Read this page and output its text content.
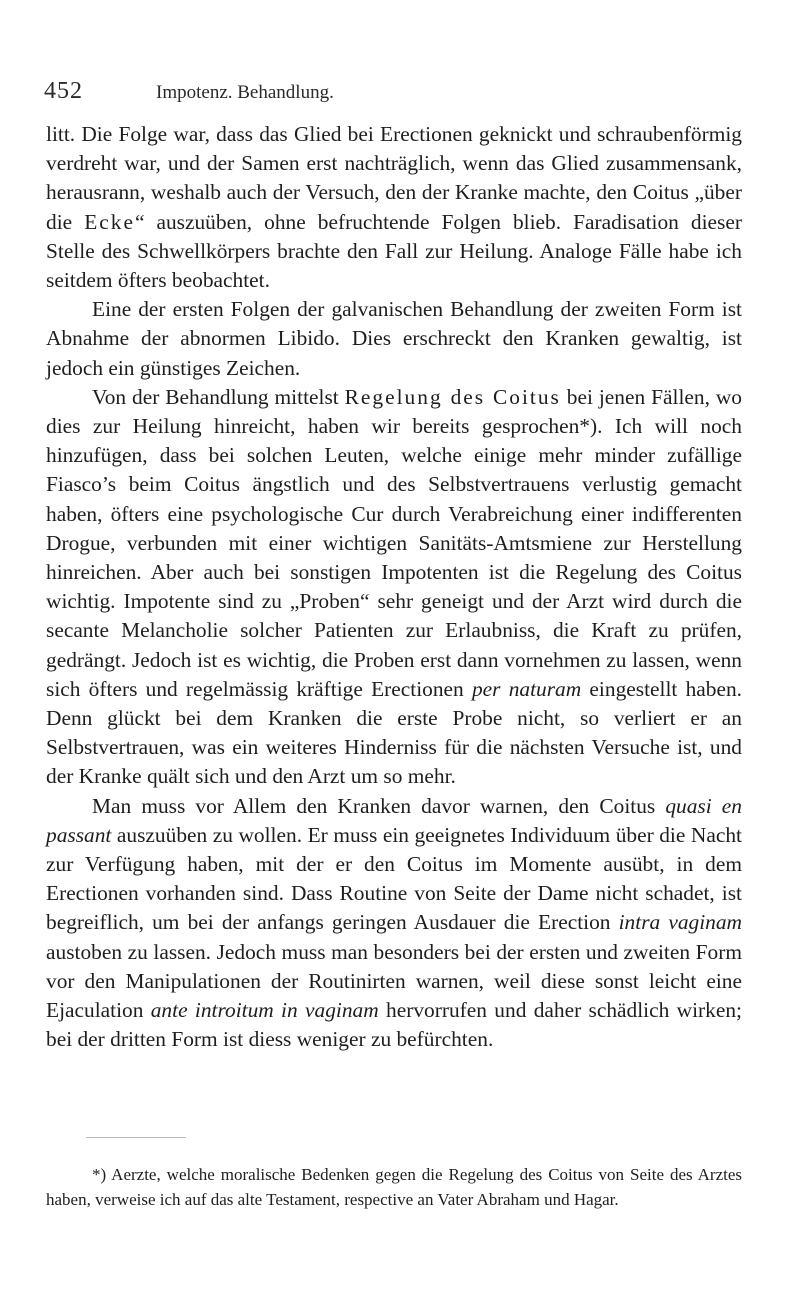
452	Impotenz. Behandlung.

litt. Die Folge war, dass das Glied bei Erectionen geknickt und schraubenförmig verdreht war, und der Samen erst nachträglich, wenn das Glied zusammensank, herausrann, weshalb auch der Versuch, den der Kranke machte, den Coitus „über die Ecke“ auszuüben, ohne befruchtende Folgen blieb. Faradisation dieser Stelle des Schwellkörpers brachte den Fall zur Heilung. Analoge Fälle habe ich seitdem öfters beobachtet.

Eine der ersten Folgen der galvanischen Behandlung der zweiten Form ist Abnahme der abnormen Libido. Dies erschreckt den Kranken gewaltig, ist jedoch ein günstiges Zeichen.

Von der Behandlung mittelst Regelung des Coitus bei jenen Fällen, wo dies zur Heilung hinreicht, haben wir bereits gesprochen*). Ich will noch hinzufügen, dass bei solchen Leuten, welche einige mehr minder zufällige Fiasco’s beim Coitus ängstlich und des Selbstvertrauens verlustig gemacht haben, öfters eine psychologische Cur durch Verabreichung einer indifferenten Drogue, verbunden mit einer wichtigen Sanitäts-Amtsmiene zur Herstellung hinreichen. Aber auch bei sonstigen Impotenten ist die Regelung des Coitus wichtig. Impotente sind zu „Proben“ sehr geneigt und der Arzt wird durch die secante Melancholie solcher Patienten zur Erlaubniss, die Kraft zu prüfen, gedrängt. Jedoch ist es wichtig, die Proben erst dann vornehmen zu lassen, wenn sich öfters und regelmässig kräftige Erectionen per naturam eingestellt haben. Denn glückt bei dem Kranken die erste Probe nicht, so verliert er an Selbstvertrauen, was ein weiteres Hinderniss für die nächsten Versuche ist, und der Kranke quält sich und den Arzt um so mehr.

Man muss vor Allem den Kranken davor warnen, den Coitus quasi en passant auszuüben zu wollen. Er muss ein geeignetes Individuum über die Nacht zur Verfügung haben, mit der er den Coitus im Momente ausübt, in dem Erectionen vorhanden sind. Dass Routine von Seite der Dame nicht schadet, ist begreiflich, um bei der anfangs geringen Ausdauer die Erection intra vaginam austoben zu lassen. Jedoch muss man besonders bei der ersten und zweiten Form vor den Manipulationen der Routinirten warnen, weil diese sonst leicht eine Ejaculation ante introitum in vaginam hervorrufen und daher schädlich wirken; bei der dritten Form ist diess weniger zu befürchten.

*) Aerzte, welche moralische Bedenken gegen die Regelung des Coitus von Seite des Arztes haben, verweise ich auf das alte Testament, respective an Vater Abraham und Hagar.
